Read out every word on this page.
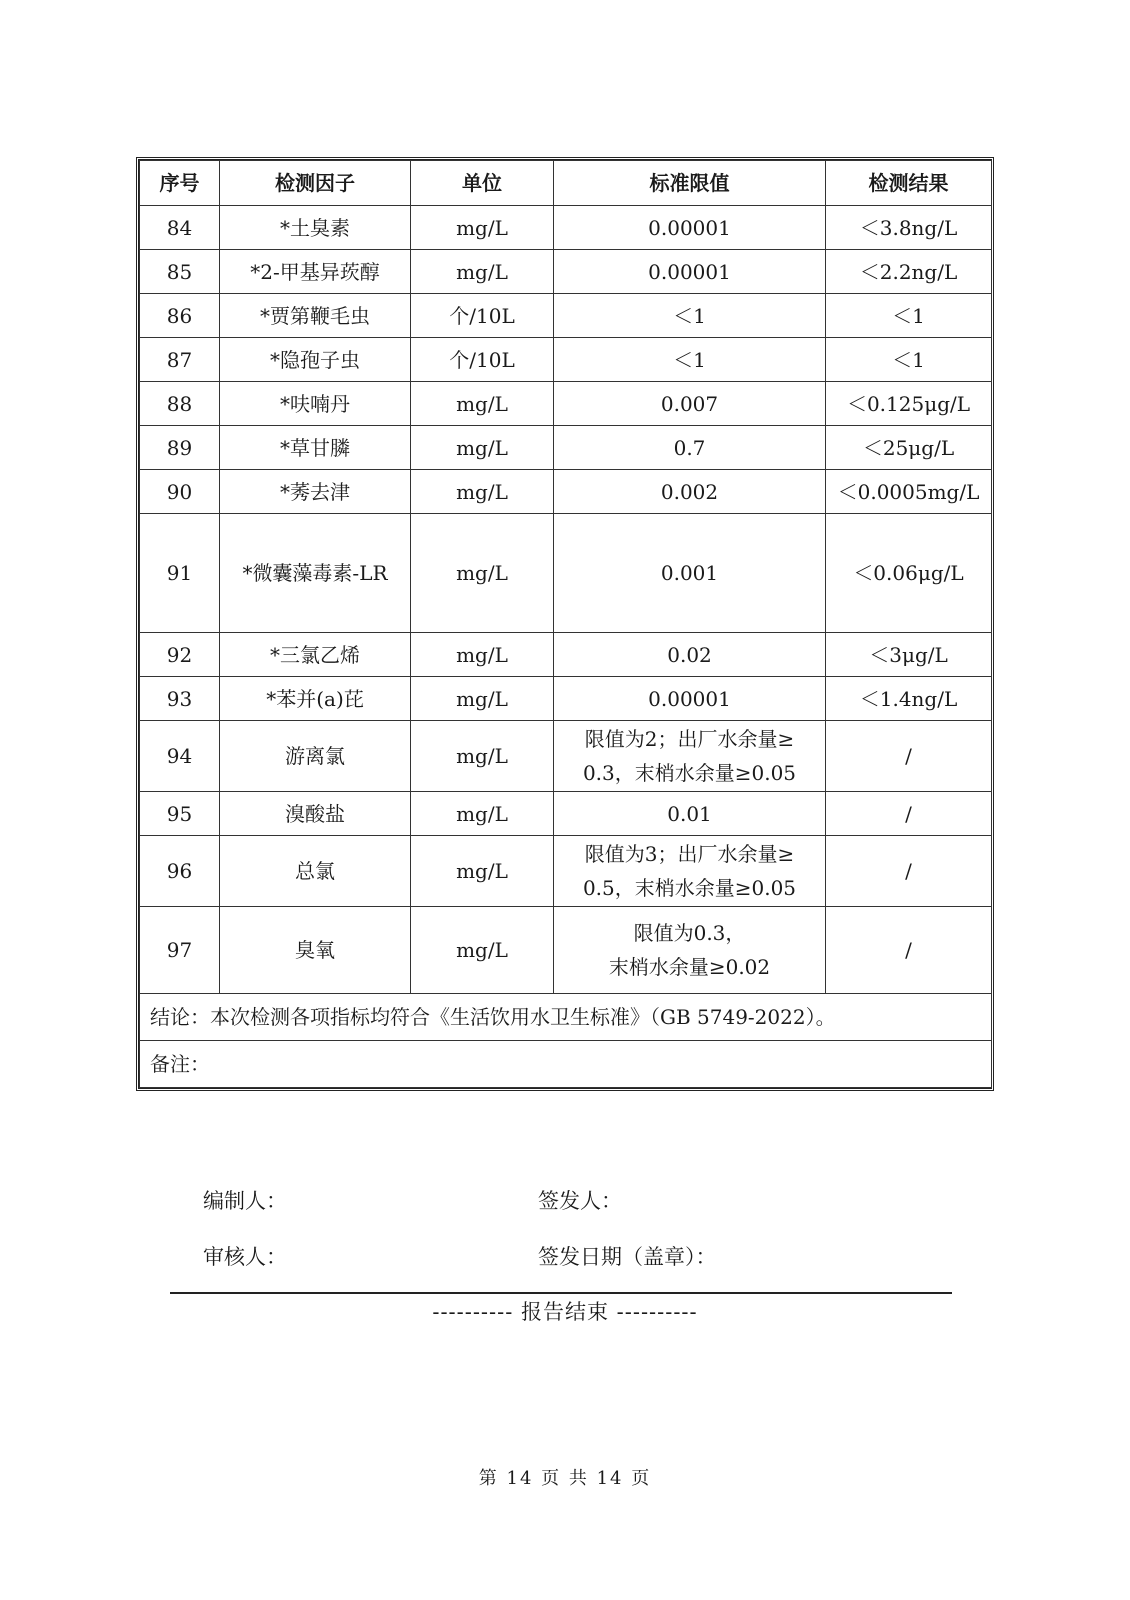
序号	检测因子	单位	标准限值	检测结果
84	*土臭素	mg/L	0.00001	＜3.8ng/L
85	*2-甲基异莰醇	mg/L	0.00001	＜2.2ng/L
86	*贾第鞭毛虫	个/10L	＜1	＜1
87	*隐孢子虫	个/10L	＜1	＜1
88	*呋喃丹	mg/L	0.007	＜0.125μg/L
89	*草甘膦	mg/L	0.7	＜25μg/L
90	*莠去津	mg/L	0.002	＜0.0005mg/L
91	*微囊藻毒素-LR	mg/L	0.001	＜0.06μg/L
92	*三氯乙烯	mg/L	0.02	＜3μg/L
93	*苯并(a)芘	mg/L	0.00001	＜1.4ng/L
94	游离氯	mg/L	限值为2；出厂水余量≥
0.3，末梢水余量≥0.05	/
95	溴酸盐	mg/L	0.01	/
96	总氯	mg/L	限值为3；出厂水余量≥
0.5，末梢水余量≥0.05	/
97	臭氧	mg/L	限值为0.3，
末梢水余量≥0.02	/
结论：本次检测各项指标均符合《生活饮用水卫生标准》（GB 5749-2022）。				
备注：				
编制人：	签发人：
审核人：	签发日期（盖章）：
---------- 报告结束 ----------
第 14 页 共 14 页
